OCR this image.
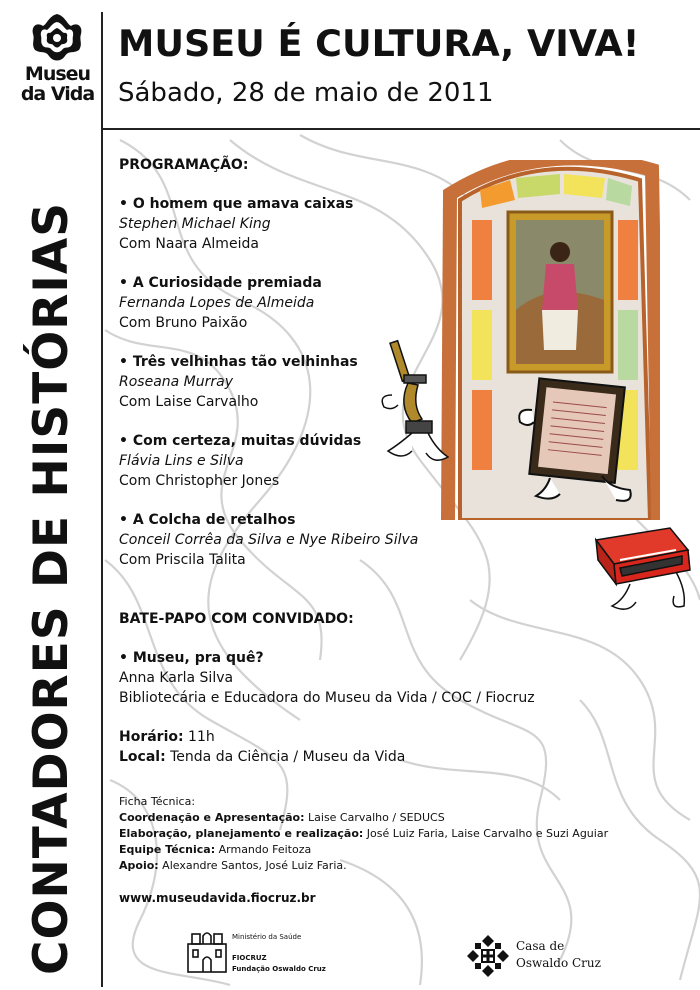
Museu
da Vida
CONTADORES DE HISTÓRIAS
MUSEU É CULTURA, VIVA!
Sábado, 28 de maio de 2011
PROGRAMAÇÃO:
• O homem que amava caixas
Stephen Michael King
Com Naara Almeida
• A Curiosidade premiada
Fernanda Lopes de Almeida
Com Bruno Paixão
• Três velhinhas tão velhinhas
Roseana Murray
Com Laise Carvalho
• Com certeza, muitas dúvidas
Flávia Lins e Silva
Com Christopher Jones
• A Colcha de retalhos
Conceil Corrêa da Silva e Nye Ribeiro Silva
Com Priscila Talita
BATE-PAPO COM CONVIDADO:
• Museu, pra quê?
Anna Karla Silva
Bibliotecária e Educadora do Museu da Vida / COC / Fiocruz
Horário: 11h
Local: Tenda da Ciência / Museu da Vida
Ficha Técnica:
Coordenação e Apresentação: Laise Carvalho / SEDUCS
Elaboração, planejamento e realização: José Luiz Faria, Laise Carvalho e Suzi Aguiar
Equipe Técnica: Armando Feitoza
Apoio: Alexandre Santos, José Luiz Faria.
www.museudavida.fiocruz.br
Ministério da Saúde
FIOCRUZ
Fundação Oswaldo Cruz
Casa de
Oswaldo Cruz
